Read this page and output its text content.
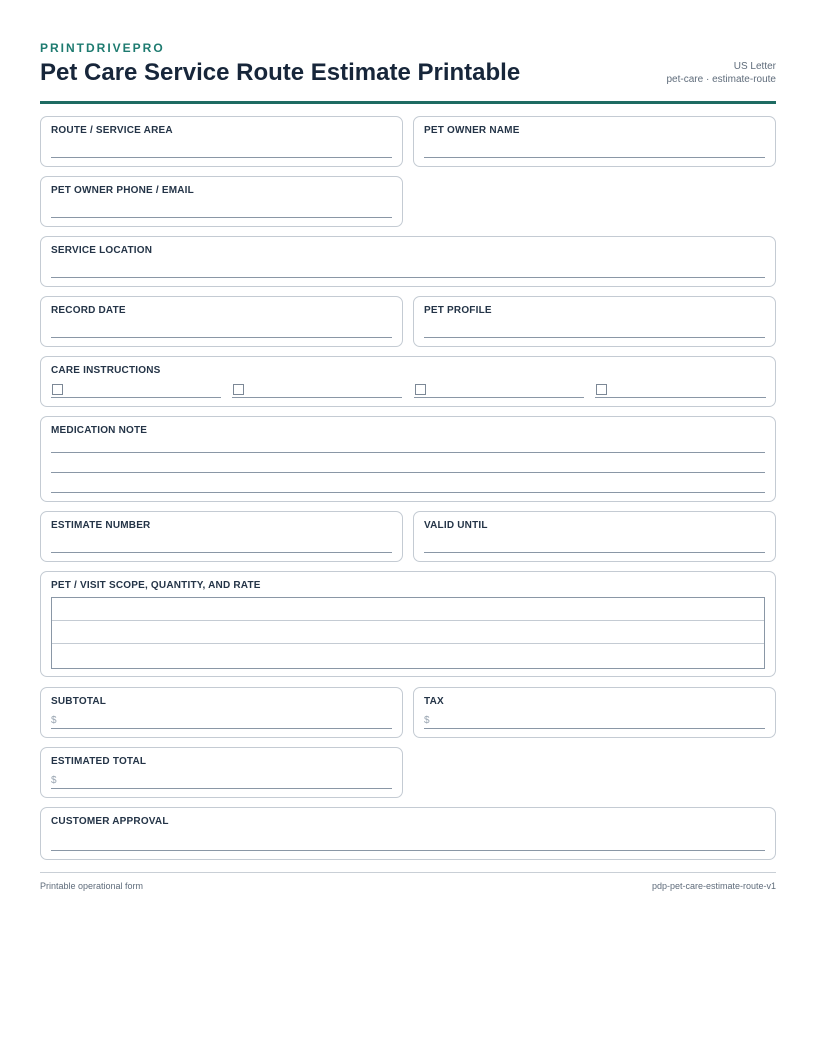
PRINTDRIVEPRO
Pet Care Service Route Estimate Printable	US Letter
pet-care · estimate-route
ROUTE / SERVICE AREA	PET OWNER NAME
PET OWNER PHONE / EMAIL
SERVICE LOCATION
RECORD DATE	PET PROFILE
CARE INSTRUCTIONS
MEDICATION NOTE
ESTIMATE NUMBER	VALID UNTIL
PET / VISIT SCOPE, QUANTITY, AND RATE
SUBTOTAL
$
TAX
$
ESTIMATED TOTAL
$
CUSTOMER APPROVAL
Printable operational form	pdp-pet-care-estimate-route-v1
